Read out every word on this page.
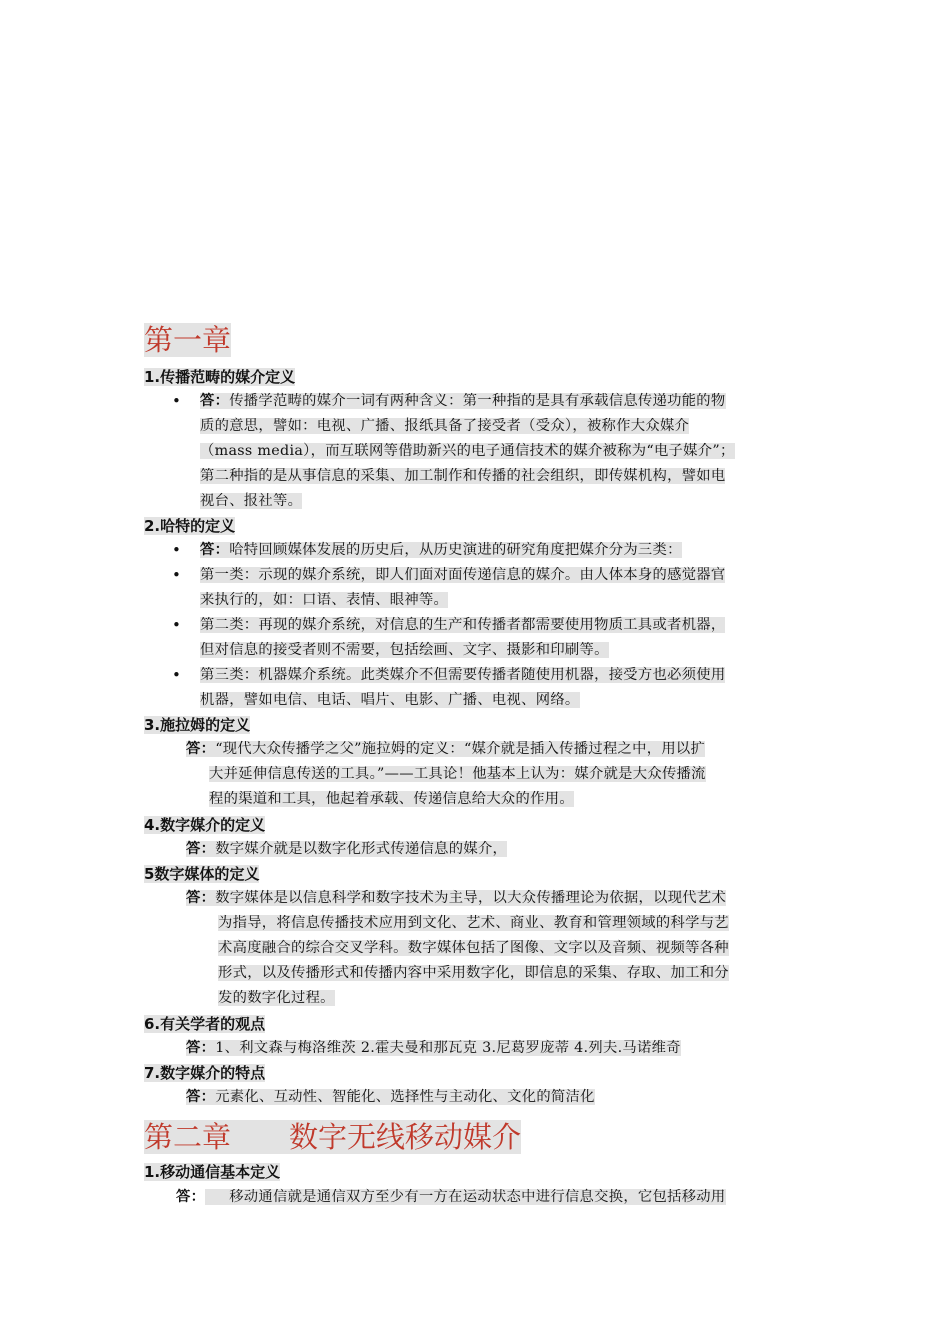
第一章
1.传播范畴的媒介定义
• 答：传播学范畴的媒介一词有两种含义：第一种指的是具有承载信息传递功能的物
质的意思，譬如：电视、广播、报纸具备了接受者（受众），被称作大众媒介
（mass media），而互联网等借助新兴的电子通信技术的媒介被称为“电子媒介”；
第二种指的是从事信息的采集、加工制作和传播的社会组织，即传媒机构，譬如电
视台、报社等。
2.哈特的定义
• 答：哈特回顾媒体发展的历史后，从历史演进的研究角度把媒介分为三类：
• 第一类：示现的媒介系统，即人们面对面传递信息的媒介。由人体本身的感觉器官
来执行的，如：口语、表情、眼神等。
• 第二类：再现的媒介系统，对信息的生产和传播者都需要使用物质工具或者机器，
但对信息的接受者则不需要，包括绘画、文字、摄影和印刷等。
• 第三类：机器媒介系统。此类媒介不但需要传播者随使用机器，接受方也必须使用
机器，譬如电信、电话、唱片、电影、广播、电视、网络。
3.施拉姆的定义
答：“现代大众传播学之父”施拉姆的定义：“媒介就是插入传播过程之中，用以扩
大并延伸信息传送的工具。”——工具论！他基本上认为：媒介就是大众传播流
程的渠道和工具，他起着承载、传递信息给大众的作用。
4.数字媒介的定义
答：数字媒介就是以数字化形式传递信息的媒介，
5数字媒体的定义
答：数字媒体是以信息科学和数字技术为主导，以大众传播理论为依据，以现代艺术
为指导，将信息传播技术应用到文化、艺术、商业、教育和管理领域的科学与艺
术高度融合的综合交叉学科。数字媒体包括了图像、文字以及音频、视频等各种
形式，以及传播形式和传播内容中采用数字化，即信息的采集、存取、加工和分
发的数字化过程。
6.有关学者的观点
答：1、利文森与梅洛维茨 2.霍夫曼和那瓦克 3.尼葛罗庞蒂 4.列夫.马诺维奇
7.数字媒介的特点
答：元素化、互动性、智能化、选择性与主动化、文化的简洁化
第二章　　数字无线移动媒介
1.移动通信基本定义
答： 移动通信就是通信双方至少有一方在运动状态中进行信息交换，它包括移动用
